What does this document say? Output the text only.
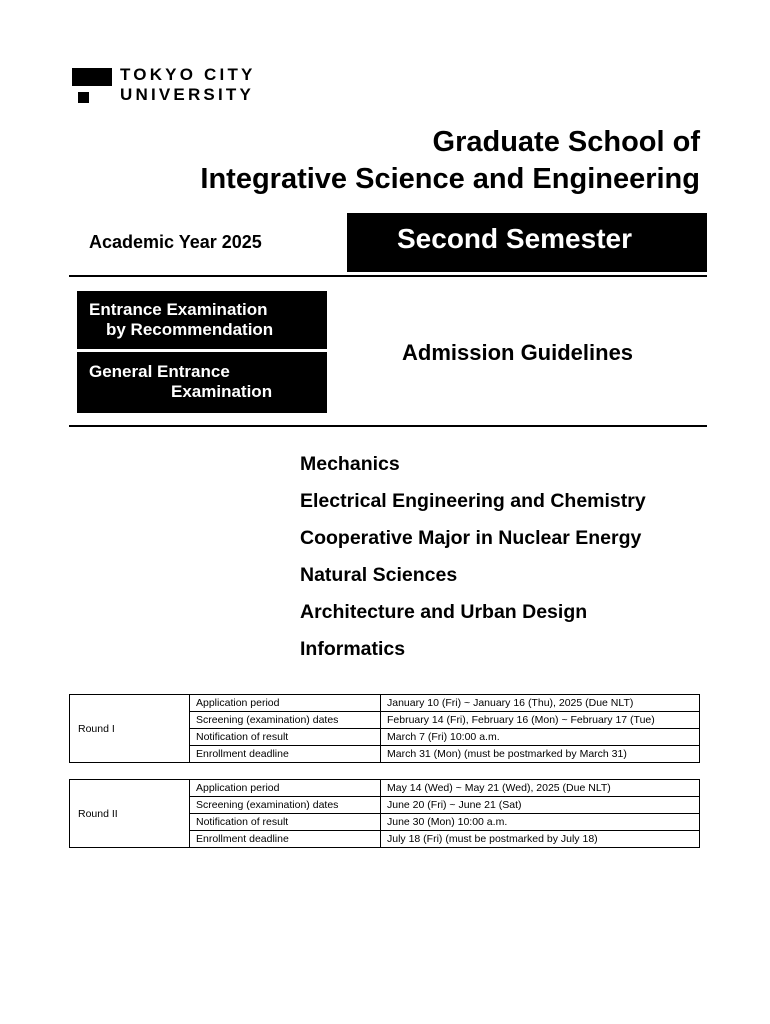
TOKYO CITY
UNIVERSITY
Graduate School of
Integrative Science and Engineering
Academic Year 2025	Second Semester
Entrance Examination
by Recommendation
General Entrance
Examination
Admission Guidelines
Mechanics
Electrical Engineering and Chemistry
Cooperative Major in Nuclear Energy
Natural Sciences
Architecture and Urban Design
Informatics
Round I	Application period	January 10 (Fri) ~ January 16 (Thu), 2025 (Due NLT)
	Screening (examination) dates	February 14 (Fri), February 16 (Mon) ~ February 17 (Tue)
	Notification of result	March 7 (Fri) 10:00 a.m.
	Enrollment deadline	March 31 (Mon) (must be postmarked by March 31)
Round II	Application period	May 14 (Wed) ~ May 21 (Wed), 2025 (Due NLT)
	Screening (examination) dates	June 20 (Fri) ~ June 21 (Sat)
	Notification of result	June 30 (Mon) 10:00 a.m.
	Enrollment deadline	July 18 (Fri) (must be postmarked by July 18)
